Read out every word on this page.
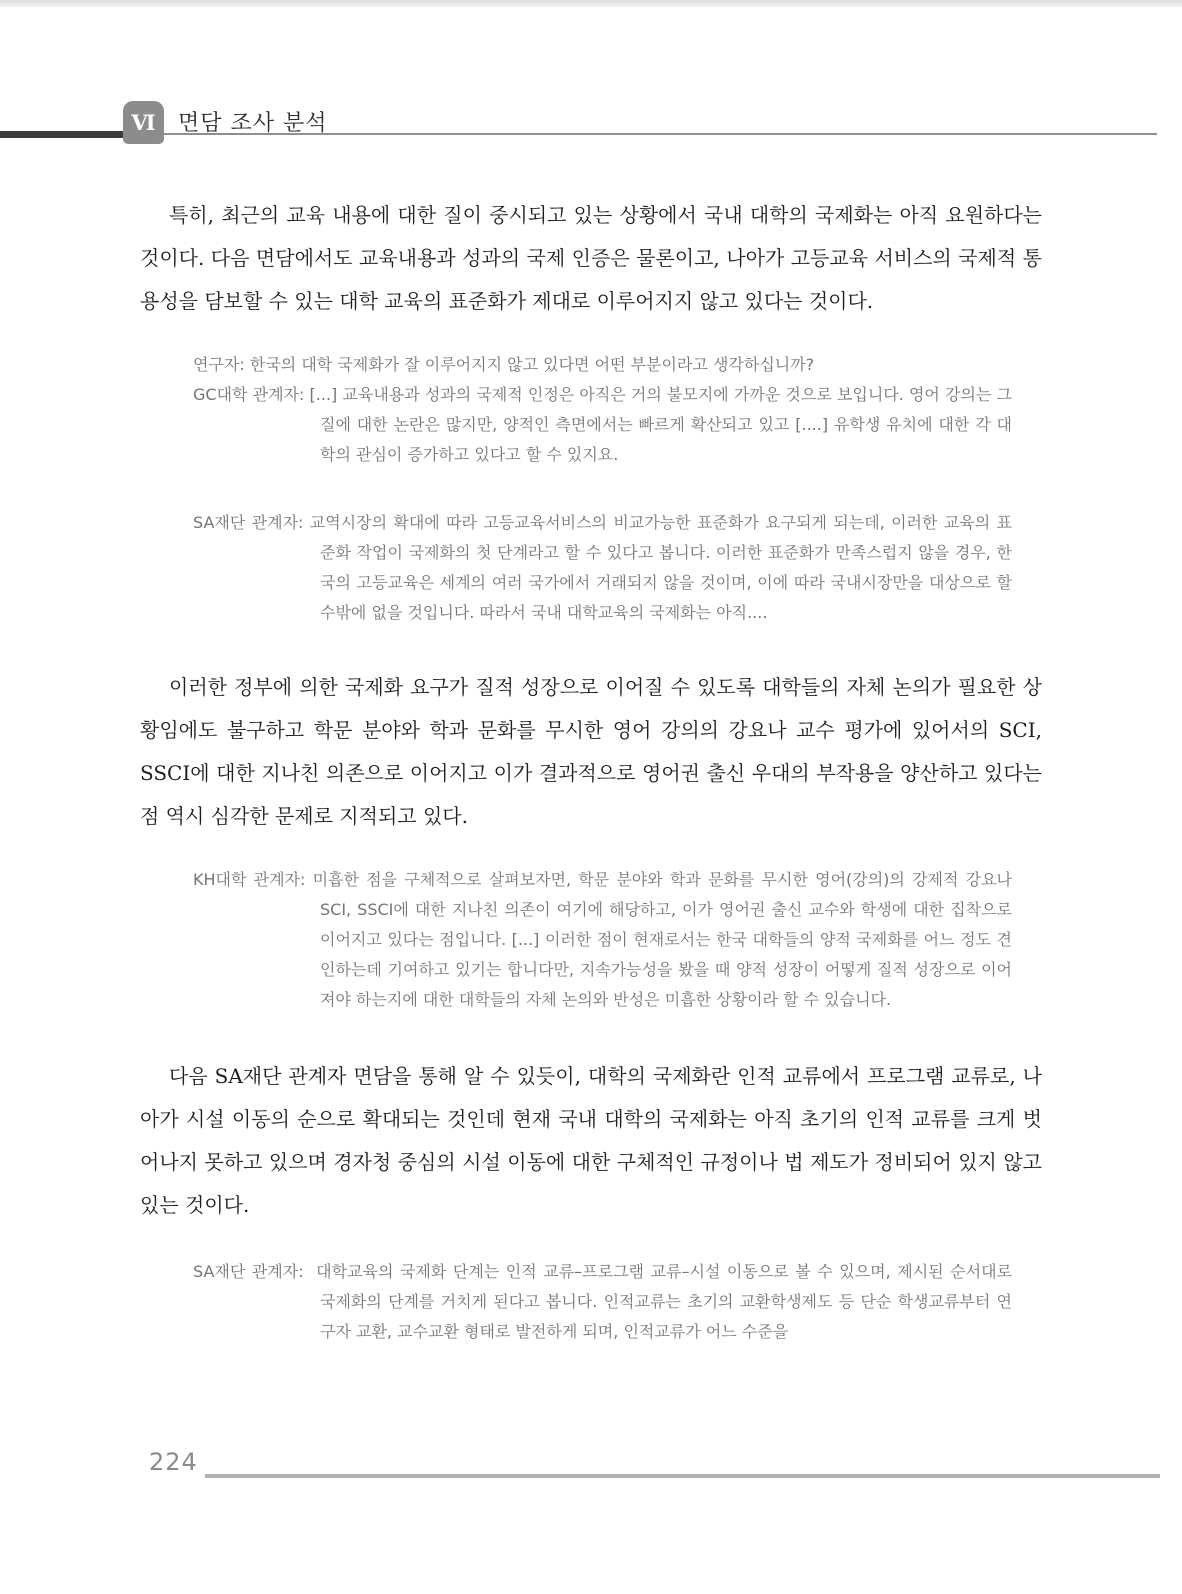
Ⅵ 면담 조사 분석

특히, 최근의 교육 내용에 대한 질이 중시되고 있는 상황에서 국내 대학의 국제화는 아직 요원하다는 것이다. 다음 면담에서도 교육내용과 성과의 국제 인증은 물론이고, 나아가 고등교육 서비스의 국제적 통용성을 담보할 수 있는 대학 교육의 표준화가 제대로 이루어지지 않고 있다는 것이다.

연구자: 한국의 대학 국제화가 잘 이루어지지 않고 있다면 어떤 부분이라고 생각하십니까?
GC대학 관계자: [...] 교육내용과 성과의 국제적 인정은 아직은 거의 불모지에 가까운 것으로 보입니다. 영어 강의는 그 질에 대한 논란은 많지만, 양적인 측면에서는 빠르게 확산되고 있고 [....] 유학생 유치에 대한 각 대학의 관심이 증가하고 있다고 할 수 있지요.
SA재단 관계자: 교역시장의 확대에 따라 고등교육서비스의 비교가능한 표준화가 요구되게 되는데, 이러한 교육의 표준화 작업이 국제화의 첫 단계라고 할 수 있다고 봅니다. 이러한 표준화가 만족스럽지 않을 경우, 한국의 고등교육은 세계의 여러 국가에서 거래되지 않을 것이며, 이에 따라 국내시장만을 대상으로 할 수밖에 없을 것입니다. 따라서 국내 대학교육의 국제화는 아직....

이러한 정부에 의한 국제화 요구가 질적 성장으로 이어질 수 있도록 대학들의 자체 논의가 필요한 상황임에도 불구하고 학문 분야와 학과 문화를 무시한 영어 강의의 강요나 교수 평가에 있어서의 SCI, SSCI에 대한 지나친 의존으로 이어지고 이가 결과적으로 영어권 출신 우대의 부작용을 양산하고 있다는 점 역시 심각한 문제로 지적되고 있다.

KH대학 관계자: 미흡한 점을 구체적으로 살펴보자면, 학문 분야와 학과 문화를 무시한 영어(강의)의 강제적 강요나 SCI, SSCI에 대한 지나친 의존이 여기에 해당하고, 이가 영어권 출신 교수와 학생에 대한 집착으로 이어지고 있다는 점입니다. [...] 이러한 점이 현재로서는 한국 대학들의 양적 국제화를 어느 정도 견인하는데 기여하고 있기는 합니다만, 지속가능성을 봤을 때 양적 성장이 어떻게 질적 성장으로 이어져야 하는지에 대한 대학들의 자체 논의와 반성은 미흡한 상황이라 할 수 있습니다.

다음 SA재단 관계자 면담을 통해 알 수 있듯이, 대학의 국제화란 인적 교류에서 프로그램 교류로, 나아가 시설 이동의 순으로 확대되는 것인데 현재 국내 대학의 국제화는 아직 초기의 인적 교류를 크게 벗어나지 못하고 있으며 경자청 중심의 시설 이동에 대한 구체적인 규정이나 법 제도가 정비되어 있지 않고 있는 것이다.

SA재단 관계자: 대학교육의 국제화 단계는 인적 교류–프로그램 교류–시설 이동으로 볼 수 있으며, 제시된 순서대로 국제화의 단계를 거치게 된다고 봅니다. 인적교류는 초기의 교환학생제도 등 단순 학생교류부터 연구자 교환, 교수교환 형태로 발전하게 되며, 인적교류가 어느 수준을
224
